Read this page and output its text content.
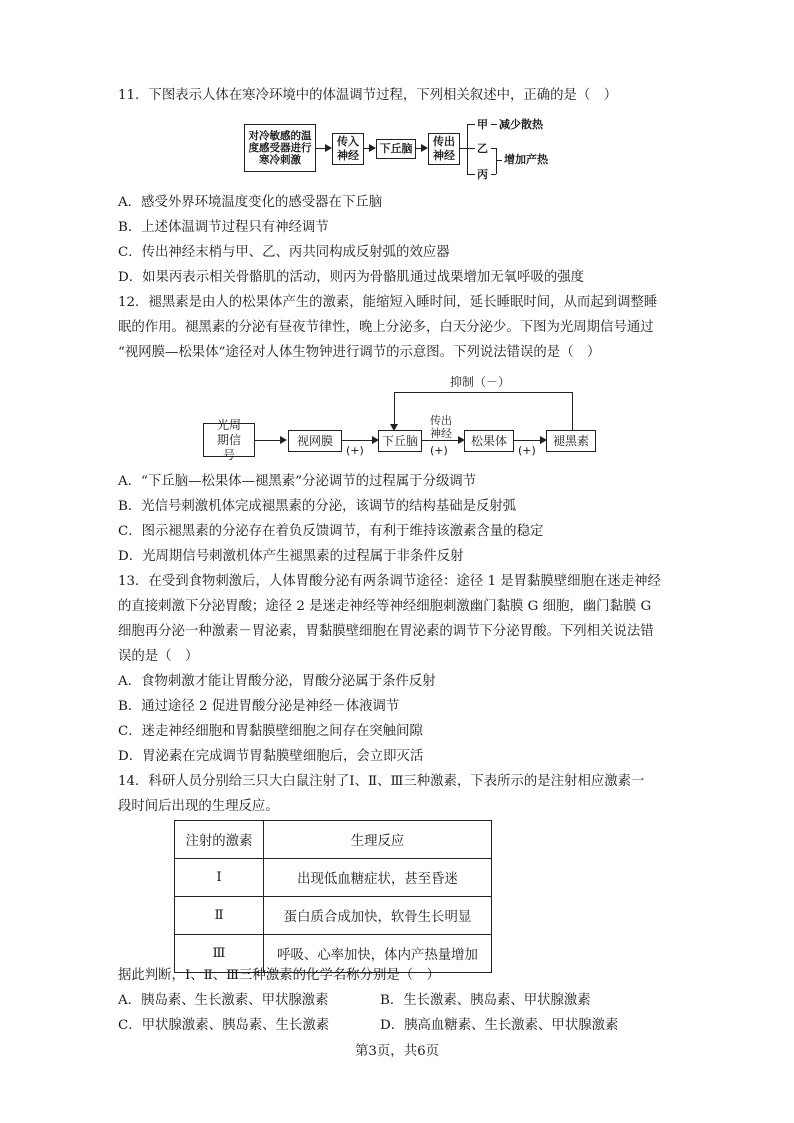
11．下图表示人体在寒冷环境中的体温调节过程，下列相关叙述中，正确的是（　）
对冷敏感的温度感受器进行寒冷刺激
传入神经
下丘脑
传出神经
甲 减少散热
乙
丙
增加产热
A．感受外界环境温度变化的感受器在下丘脑
B．上述体温调节过程只有神经调节
C．传出神经末梢与甲、乙、丙共同构成反射弧的效应器
D．如果丙表示相关骨骼肌的活动，则丙为骨骼肌通过战栗增加无氧呼吸的强度
12．褪黑素是由人的松果体产生的激素，能缩短入睡时间，延长睡眠时间，从而起到调整睡
眠的作用。褪黑素的分泌有昼夜节律性，晚上分泌多，白天分泌少。下图为光周期信号通过
“视网膜—松果体”途径对人体生物钟进行调节的示意图。下列说法错误的是（　）
抑制（－）
光周期信号
视网膜
(+)
下丘脑
传出神经
(+)
松果体
(+)
褪黑素
A．“下丘脑—松果体—褪黑素”分泌调节的过程属于分级调节
B．光信号刺激机体完成褪黑素的分泌，该调节的结构基础是反射弧
C．图示褪黑素的分泌存在着负反馈调节，有利于维持该激素含量的稳定
D．光周期信号刺激机体产生褪黑素的过程属于非条件反射
13．在受到食物刺激后，人体胃酸分泌有两条调节途径：途径 1 是胃黏膜壁细胞在迷走神经
的直接刺激下分泌胃酸；途径 2 是迷走神经等神经细胞刺激幽门黏膜 G 细胞，幽门黏膜 G
细胞再分泌一种激素－胃泌素，胃黏膜壁细胞在胃泌素的调节下分泌胃酸。下列相关说法错
误的是（　）
A．食物刺激才能让胃酸分泌，胃酸分泌属于条件反射
B．通过途径 2 促进胃酸分泌是神经－体液调节
C．迷走神经细胞和胃黏膜壁细胞之间存在突触间隙
D．胃泌素在完成调节胃黏膜壁细胞后，会立即灭活
14．科研人员分别给三只大白鼠注射了Ⅰ、Ⅱ、Ⅲ三种激素，下表所示的是注射相应激素一
段时间后出现的生理反应。
注射的激素	生理反应
Ⅰ	出现低血糖症状，甚至昏迷
Ⅱ	蛋白质合成加快，软骨生长明显
Ⅲ	呼吸、心率加快，体内产热量增加
据此判断，Ⅰ、Ⅱ、Ⅲ三种激素的化学名称分别是（　）
A．胰岛素、生长激素、甲状腺激素	B．生长激素、胰岛素、甲状腺激素
C．甲状腺激素、胰岛素、生长激素	D．胰高血糖素、生长激素、甲状腺激素
第3页，共6页
